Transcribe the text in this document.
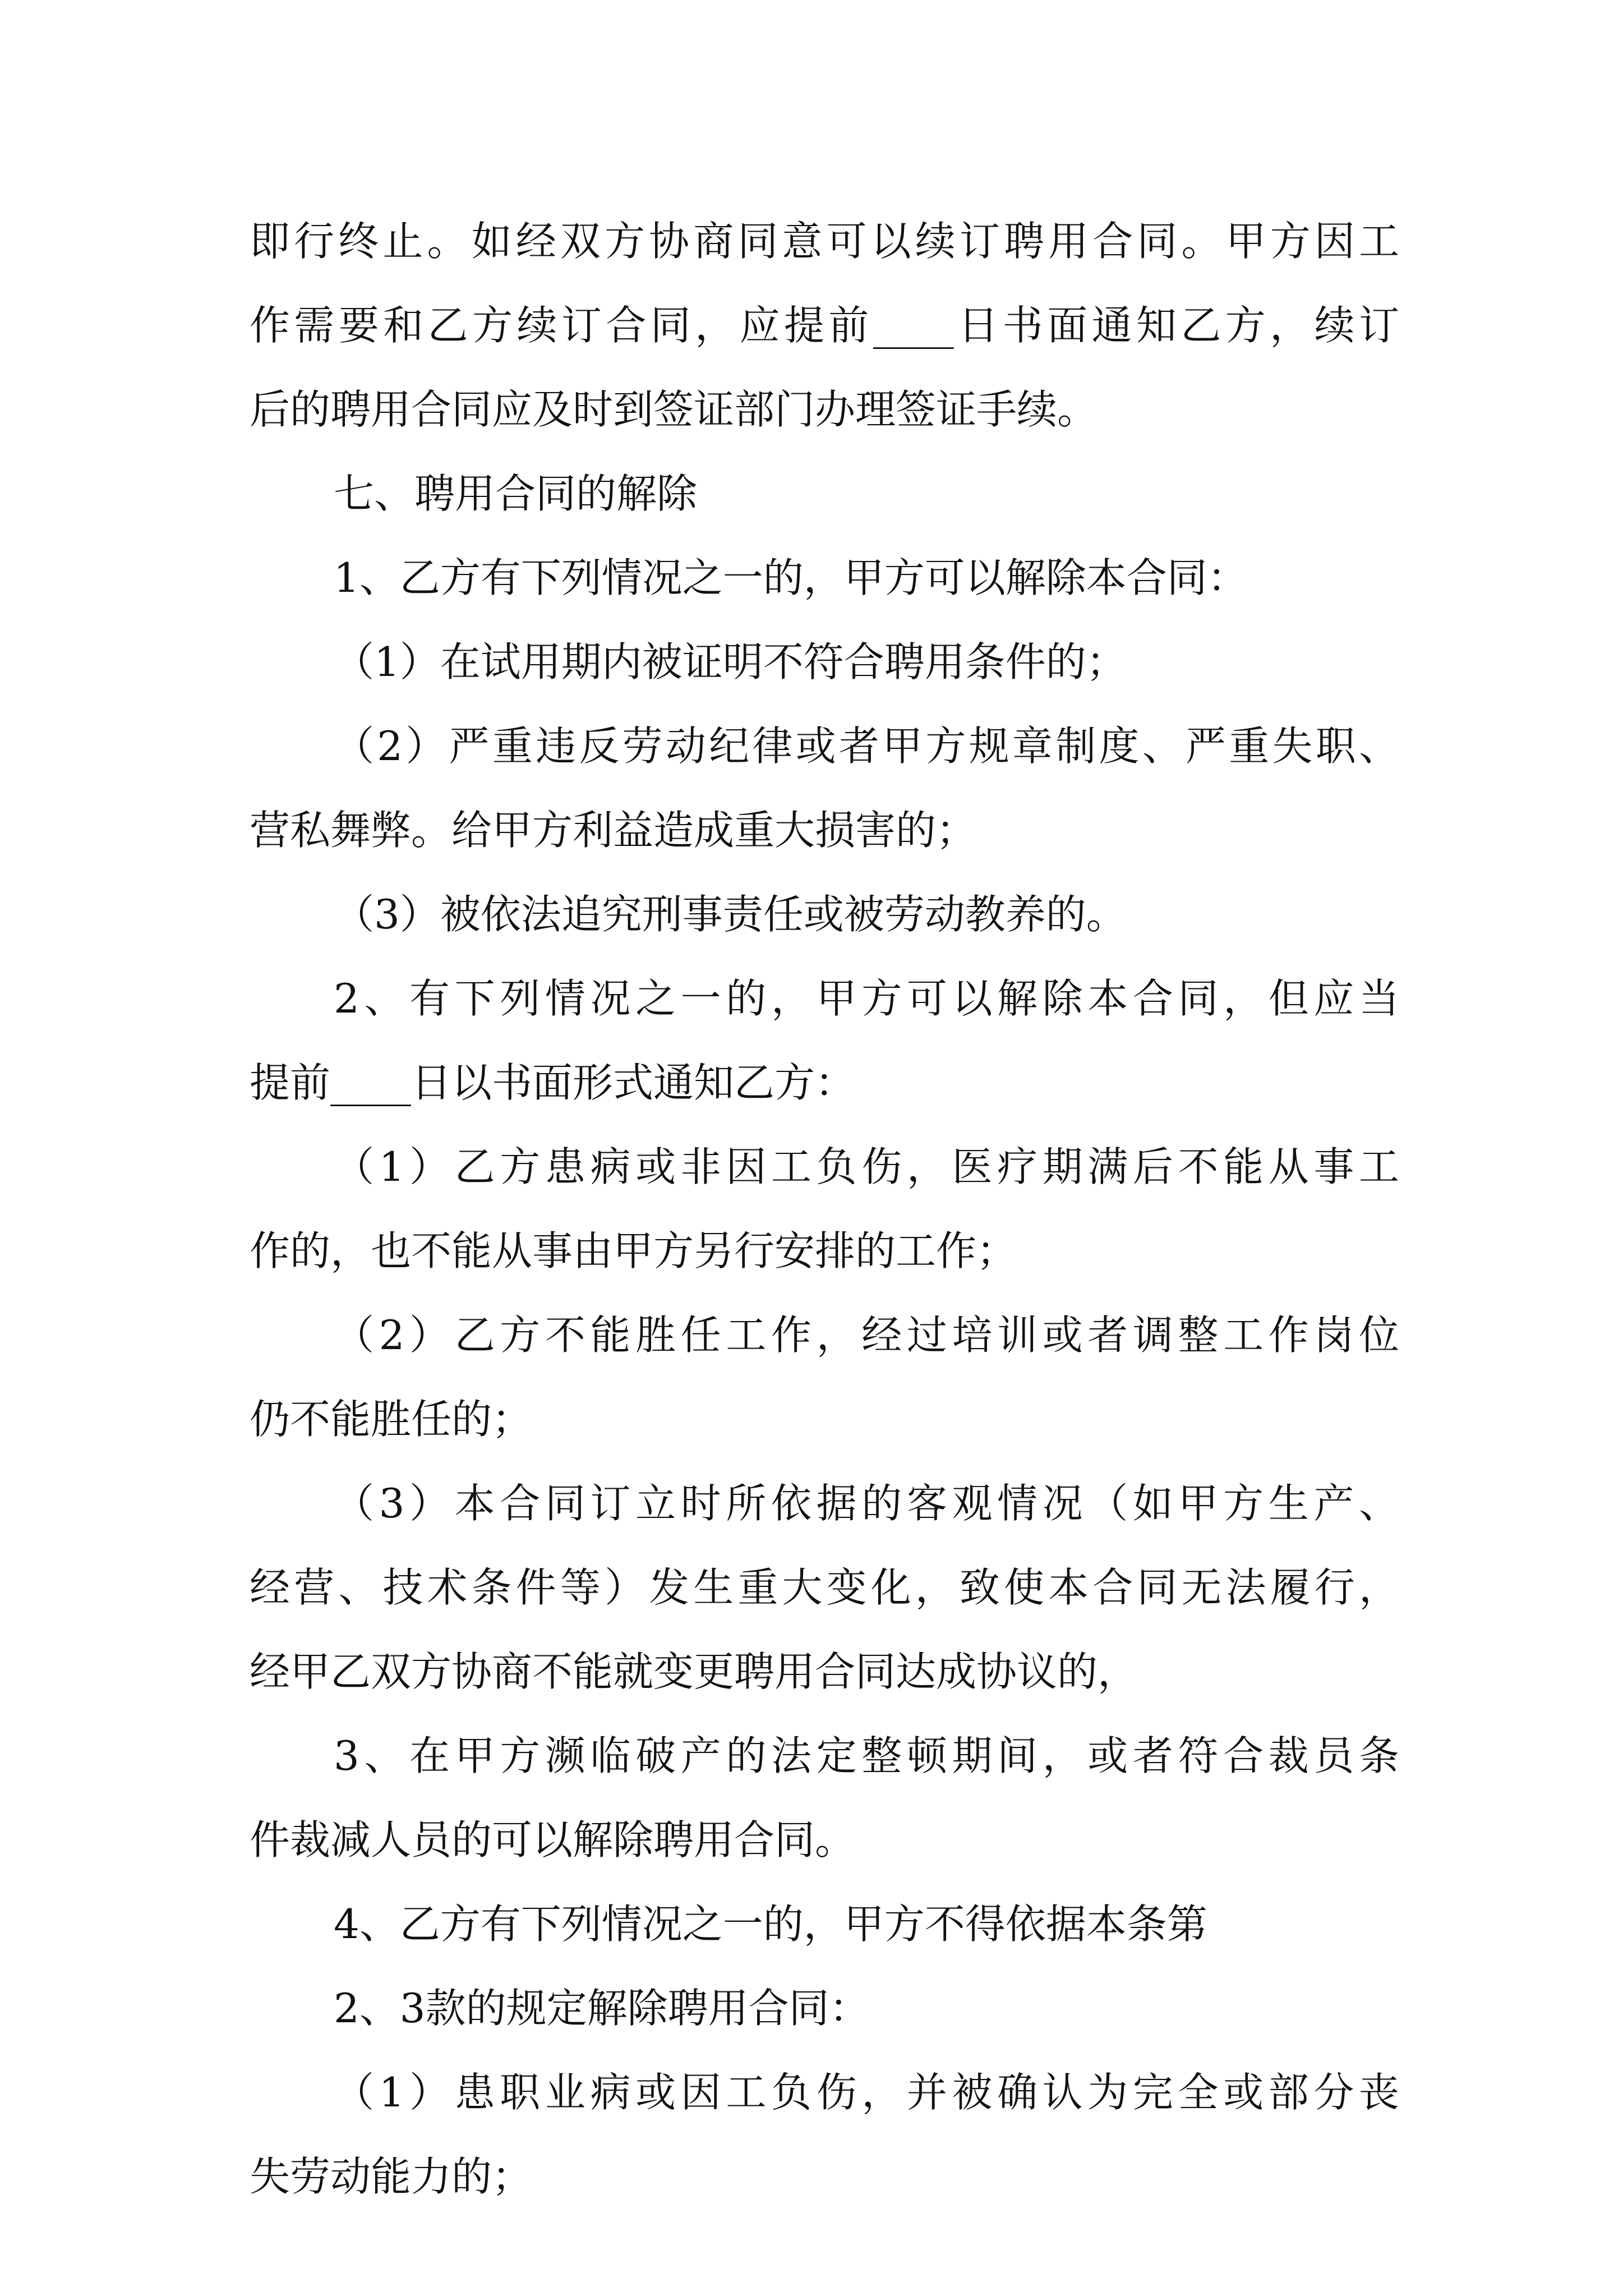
即行终止。如经双方协商同意可以续订聘用合同。甲方因工
作需要和乙方续订合同，应提前____日书面通知乙方，续订
后的聘用合同应及时到签证部门办理签证手续。
七、聘用合同的解除
1、乙方有下列情况之一的，甲方可以解除本合同：
（1）在试用期内被证明不符合聘用条件的；
（2）严重违反劳动纪律或者甲方规章制度、严重失职、
营私舞弊。给甲方利益造成重大损害的；
（3）被依法追究刑事责任或被劳动教养的。
2、有下列情况之一的，甲方可以解除本合同，但应当
提前____日以书面形式通知乙方：
（1）乙方患病或非因工负伤，医疗期满后不能从事工
作的，也不能从事由甲方另行安排的工作；
（2）乙方不能胜任工作，经过培训或者调整工作岗位
仍不能胜任的；
（3）本合同订立时所依据的客观情况（如甲方生产、
经营、技术条件等）发生重大变化，致使本合同无法履行，
经甲乙双方协商不能就变更聘用合同达成协议的，
3、在甲方濒临破产的法定整顿期间，或者符合裁员条
件裁减人员的可以解除聘用合同。
4、乙方有下列情况之一的，甲方不得依据本条第
2、3款的规定解除聘用合同：
（1）患职业病或因工负伤，并被确认为完全或部分丧
失劳动能力的；
